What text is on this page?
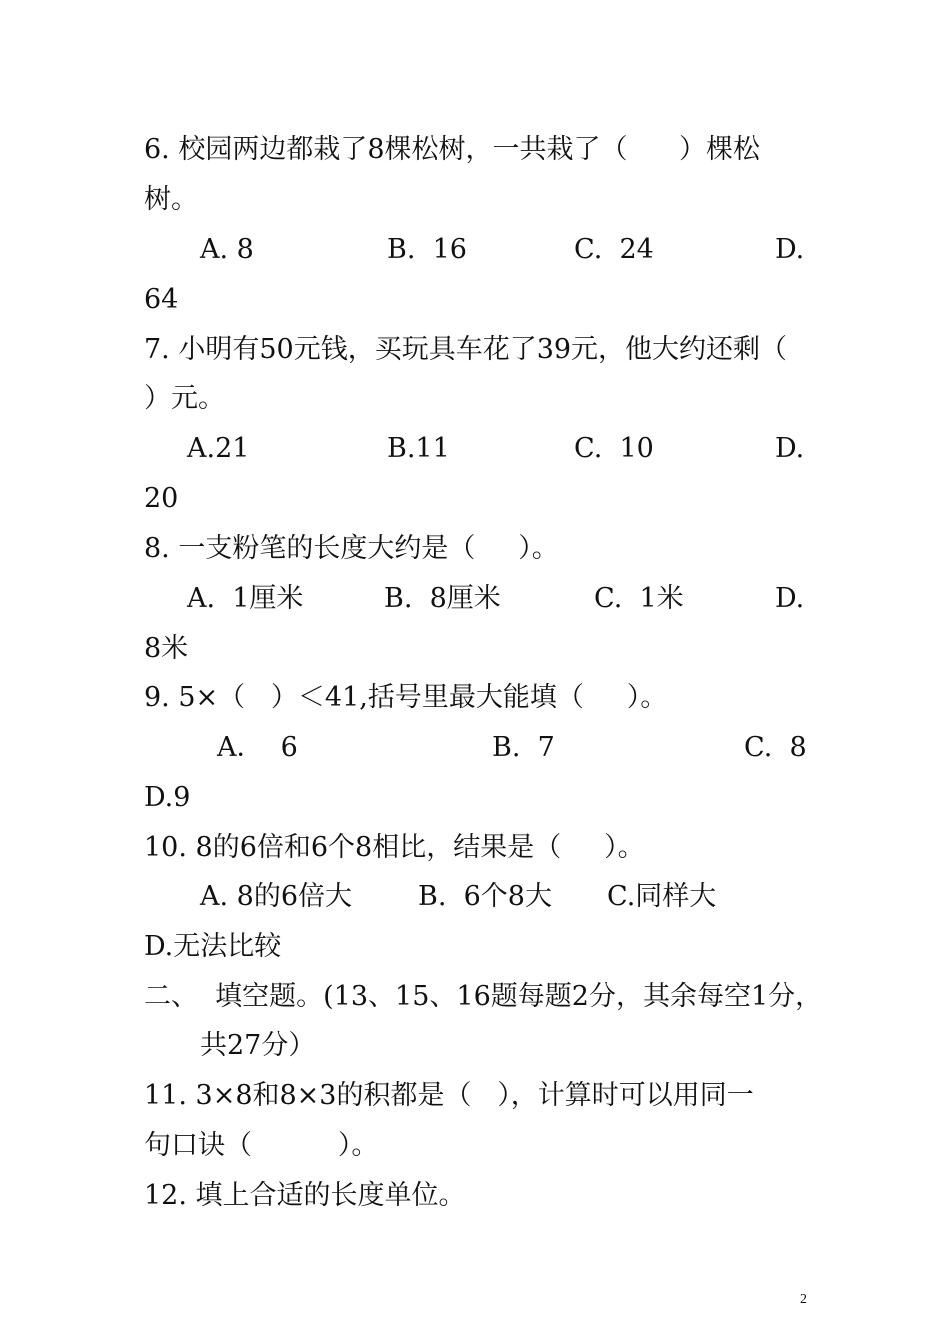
6. 校园两边都栽了8棵松树，一共栽了（      ）棵松
树。
A. 8	B.  16	C.  24	D.
64
7. 小明有50元钱，买玩具车花了39元，他大约还剩（
）元。
A.21	B.11	C.  10	D.
20
8. 一支粉笔的长度大约是（     ）。
A.  1厘米	B.  8厘米	C.  1米	D.
8米
9. 5×（   ）＜41,括号里最大能填（     ）。
A．  6	B.  7	C.  8
D.9
10. 8的6倍和6个8相比，结果是（     ）。
A. 8的6倍大 B.  6个8大 C.同样大
D.无法比较
二、  填空题。(13、15、16题每题2分，其余每空1分，
共27分）
11. 3×8和8×3的积都是（   ），计算时可以用同一
句口诀（          ）。
12. 填上合适的长度单位。
2
